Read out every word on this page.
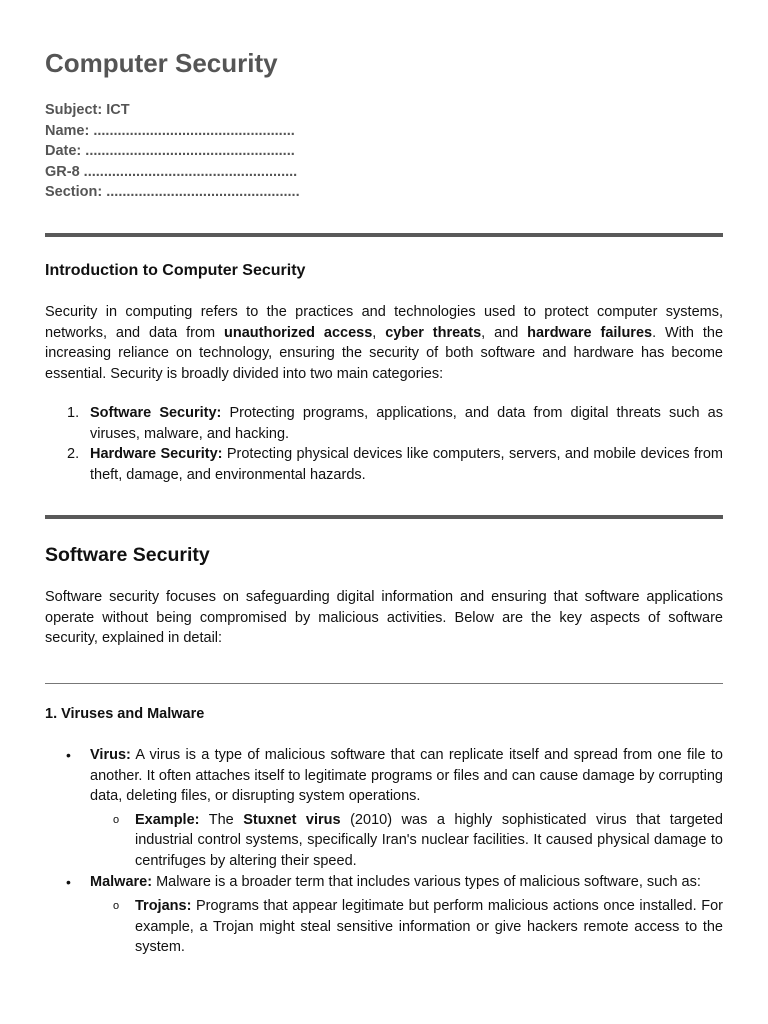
Computer Security
Subject: ICT
Name: ..................................................
Date: ....................................................
GR-8 .....................................................
Section: ................................................
Introduction to Computer Security

Security in computing refers to the practices and technologies used to protect computer systems, networks, and data from unauthorized access, cyber threats, and hardware failures. With the increasing reliance on technology, ensuring the security of both software and hardware has become essential. Security is broadly divided into two main categories:

1. Software Security: Protecting programs, applications, and data from digital threats such as viruses, malware, and hacking.
2. Hardware Security: Protecting physical devices like computers, servers, and mobile devices from theft, damage, and environmental hazards.
Software Security

Software security focuses on safeguarding digital information and ensuring that software applications operate without being compromised by malicious activities. Below are the key aspects of software security, explained in detail:

1. Viruses and Malware
• Virus: A virus is a type of malicious software that can replicate itself and spread from one file to another. It often attaches itself to legitimate programs or files and can cause damage by corrupting data, deleting files, or disrupting system operations.
o Example: The Stuxnet virus (2010) was a highly sophisticated virus that targeted industrial control systems, specifically Iran's nuclear facilities. It caused physical damage to centrifuges by altering their speed.
• Malware: Malware is a broader term that includes various types of malicious software, such as:
o Trojans: Programs that appear legitimate but perform malicious actions once installed. For example, a Trojan might steal sensitive information or give hackers remote access to the system.
